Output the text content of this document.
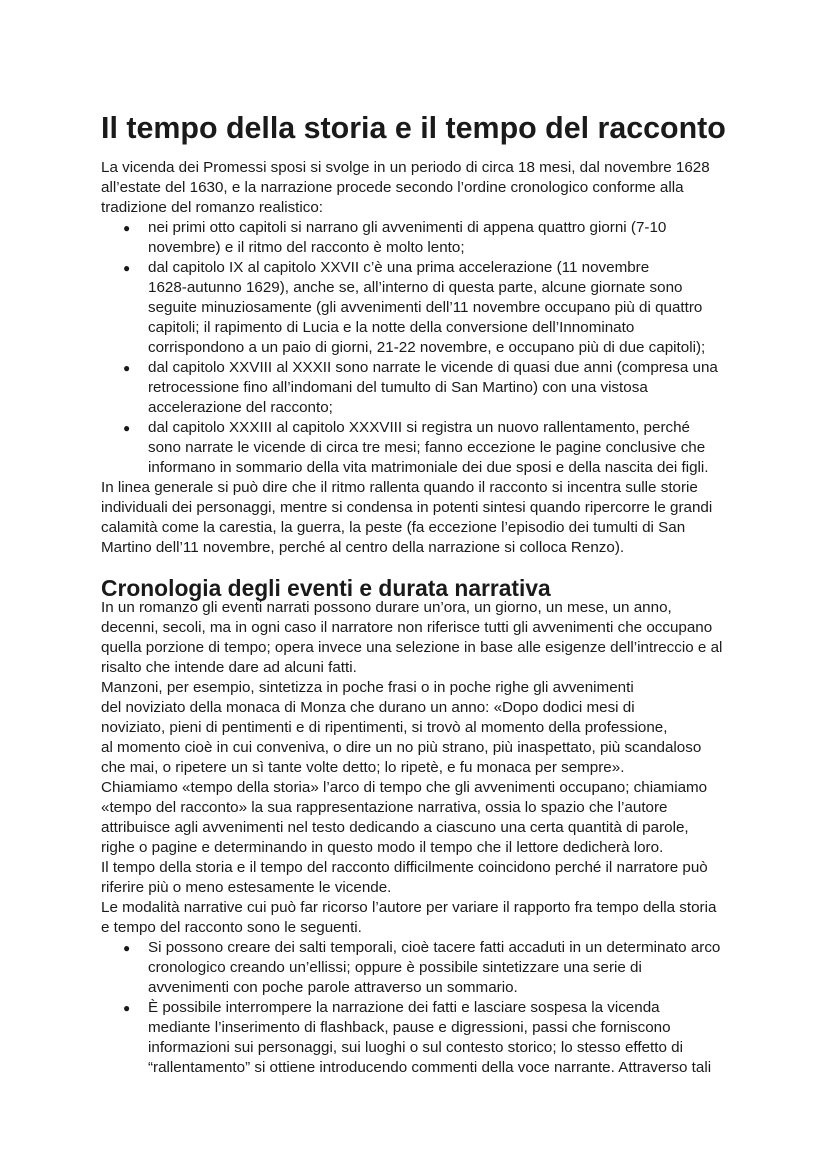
Il tempo della storia e il tempo del racconto

La vicenda dei Promessi sposi si svolge in un periodo di circa 18 mesi, dal novembre 1628
all’estate del 1630, e la narrazione procede secondo l’ordine cronologico conforme alla
tradizione del romanzo realistico:

● nei primi otto capitoli si narrano gli avvenimenti di appena quattro giorni (7-10
novembre) e il ritmo del racconto è molto lento;
● dal capitolo IX al capitolo XXVII c’è una prima accelerazione (11 novembre
1628-autunno 1629), anche se, all’interno di questa parte, alcune giornate sono
seguite minuziosamente (gli avvenimenti dell’11 novembre occupano più di quattro
capitoli; il rapimento di Lucia e la notte della conversione dell’Innominato
corrispondono a un paio di giorni, 21-22 novembre, e occupano più di due capitoli);
● dal capitolo XXVIII al XXXII sono narrate le vicende di quasi due anni (compresa una
retrocessione fino all’indomani del tumulto di San Martino) con una vistosa
accelerazione del racconto;
● dal capitolo XXXIII al capitolo XXXVIII si registra un nuovo rallentamento, perché
sono narrate le vicende di circa tre mesi; fanno eccezione le pagine conclusive che
informano in sommario della vita matrimoniale dei due sposi e della nascita dei figli.

In linea generale si può dire che il ritmo rallenta quando il racconto si incentra sulle storie
individuali dei personaggi, mentre si condensa in potenti sintesi quando ripercorre le grandi
calamità come la carestia, la guerra, la peste (fa eccezione l’episodio dei tumulti di San
Martino dell’11 novembre, perché al centro della narrazione si colloca Renzo).

Cronologia degli eventi e durata narrativa

In un romanzo gli eventi narrati possono durare un’ora, un giorno, un mese, un anno,
decenni, secoli, ma in ogni caso il narratore non riferisce tutti gli avvenimenti che occupano
quella porzione di tempo; opera invece una selezione in base alle esigenze dell’intreccio e al
risalto che intende dare ad alcuni fatti.

Manzoni, per esempio, sintetizza in poche frasi o in poche righe gli avvenimenti
del noviziato della monaca di Monza che durano un anno: «Dopo dodici mesi di
noviziato, pieni di pentimenti e di ripentimenti, si trovò al momento della professione,
al momento cioè in cui conveniva, o dire un no più strano, più inaspettato, più scandaloso
che mai, o ripetere un sì tante volte detto; lo ripetè, e fu monaca per sempre».

Chiamiamo «tempo della storia» l’arco di tempo che gli avvenimenti occupano; chiamiamo
«tempo del racconto» la sua rappresentazione narrativa, ossia lo spazio che l’autore
attribuisce agli avvenimenti nel testo dedicando a ciascuno una certa quantità di parole,
righe o pagine e determinando in questo modo il tempo che il lettore dedicherà loro.

Il tempo della storia e il tempo del racconto difficilmente coincidono perché il narratore può
riferire più o meno estesamente le vicende.

Le modalità narrative cui può far ricorso l’autore per variare il rapporto fra tempo della storia
e tempo del racconto sono le seguenti.

● Si possono creare dei salti temporali, cioè tacere fatti accaduti in un determinato arco
cronologico creando un’ellissi; oppure è possibile sintetizzare una serie di
avvenimenti con poche parole attraverso un sommario.
● È possibile interrompere la narrazione dei fatti e lasciare sospesa la vicenda
mediante l’inserimento di flashback, pause e digressioni, passi che forniscono
informazioni sui personaggi, sui luoghi o sul contesto storico; lo stesso effetto di
“rallentamento” si ottiene introducendo commenti della voce narrante. Attraverso tali
